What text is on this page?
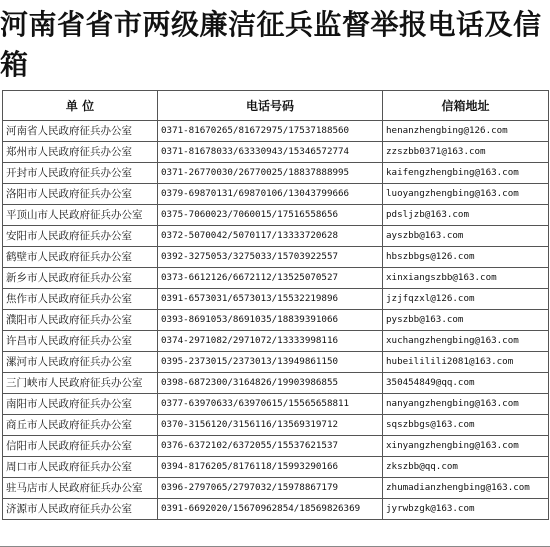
河南省省市两级廉洁征兵监督举报电话及信箱
单 位	电话号码	信箱地址
河南省人民政府征兵办公室	0371-81670265/81672975/17537188560	henanzhengbing@126.com
郑州市人民政府征兵办公室	0371-81678033/63330943/15346572774	zzszbb0371@163.com
开封市人民政府征兵办公室	0371-26770030/26770025/18837888995	kaifengzhengbing@163.com
洛阳市人民政府征兵办公室	0379-69870131/69870106/13043799666	luoyangzhengbing@163.com
平顶山市人民政府征兵办公室	0375-7060023/7060015/17516558656	pdsljzb@163.com
安阳市人民政府征兵办公室	0372-5070042/5070117/13333720628	ayszbb@163.com
鹤壁市人民政府征兵办公室	0392-3275053/3275033/15703922557	hbszbbgs@126.com
新乡市人民政府征兵办公室	0373-6612126/6672112/13525070527	xinxiangszbb@163.com
焦作市人民政府征兵办公室	0391-6573031/6573013/15532219896	jzjfqzxl@126.com
濮阳市人民政府征兵办公室	0393-8691053/8691035/18839391066	pyszbb@163.com
许昌市人民政府征兵办公室	0374-2971082/2971072/13333998116	xuchangzhengbing@163.com
漯河市人民政府征兵办公室	0395-2373015/2373013/13949861150	hubeililili2081@163.com
三门峡市人民政府征兵办公室	0398-6872300/3164826/19903986855	350454849@qq.com
南阳市人民政府征兵办公室	0377-63970633/63970615/15565658811	nanyangzhengbing@163.com
商丘市人民政府征兵办公室	0370-3156120/3156116/13569319712	sqszbbgs@163.com
信阳市人民政府征兵办公室	0376-6372102/6372055/15537621537	xinyangzhengbing@163.com
周口市人民政府征兵办公室	0394-8176205/8176118/15993290166	zkszbb@qq.com
驻马店市人民政府征兵办公室	0396-2797065/2797032/15978867179	zhumadianzhengbing@163.com
济源市人民政府征兵办公室	0391-6692020/15670962854/18569826369	jyrwbzgk@163.com
